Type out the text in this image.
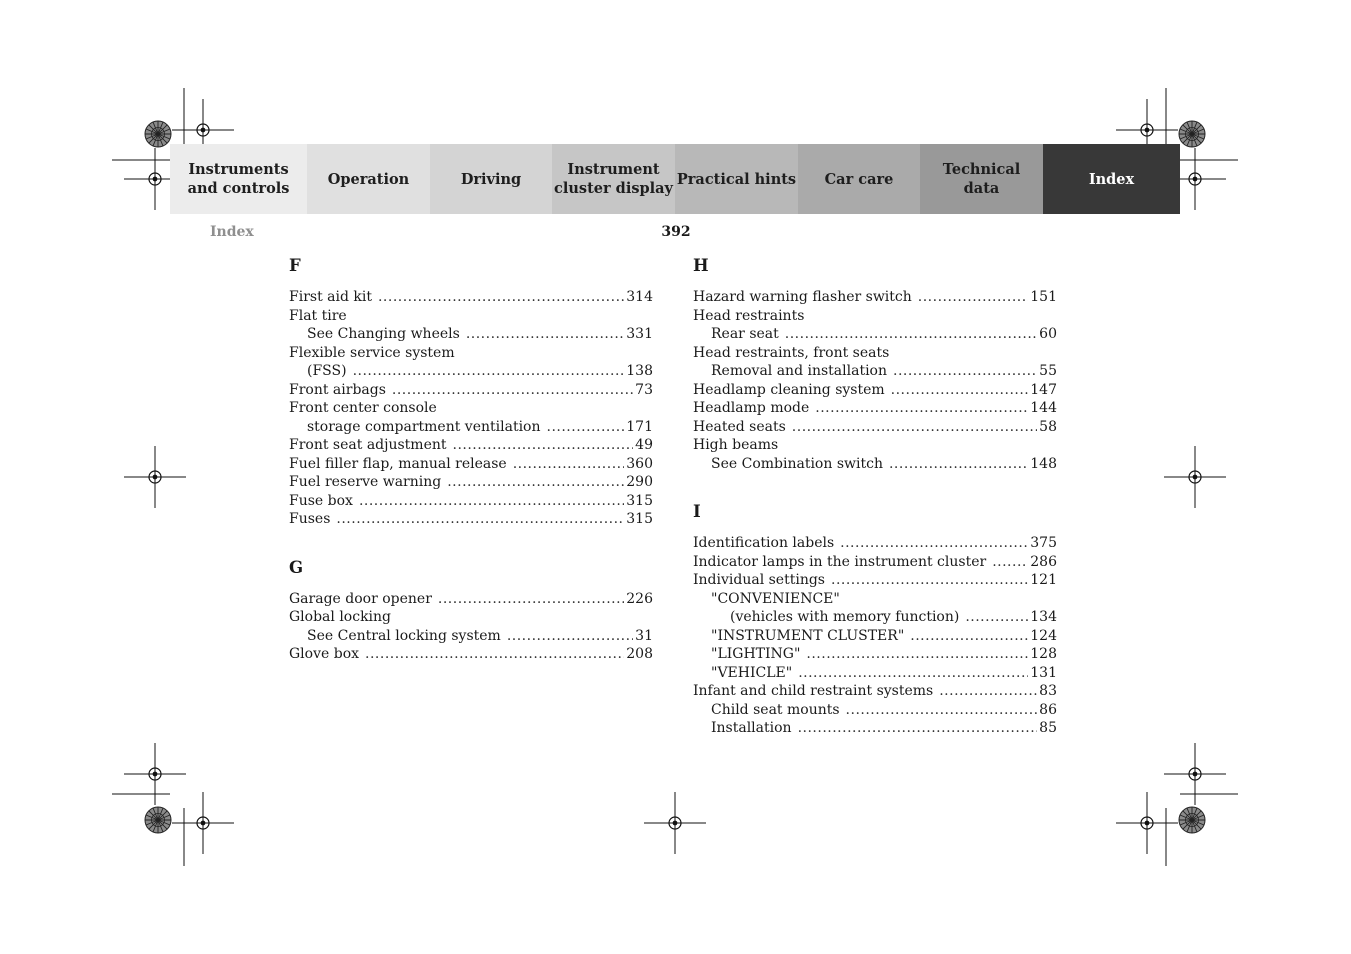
Instruments
and controls
Operation	Driving
Instrument
cluster display
Practical hints	Car care
Technical
data
Index
Index	392
F
First aid kit .....	314
Flat tire
See Changing wheels .....	331
Flexible service system
(FSS) .....	138
Front airbags .....	73
Front center console
storage compartment ventilation .....	171
Front seat adjustment .....	49
Fuel filler flap, manual release .....	360
Fuel reserve warning .....	290
Fuse box .....	315
Fuses .....	315
G
Garage door opener .....	226
Global locking
See Central locking system .....	31
Glove box .....	208
H
Hazard warning flasher switch .....	151
Head restraints
Rear seat .....	60
Head restraints, front seats
Removal and installation .....	55
Headlamp cleaning system .....	147
Headlamp mode .....	144
Heated seats .....	58
High beams
See Combination switch .....	148
I
Identification labels .....	375
Indicator lamps in the instrument cluster .....	286
Individual settings .....	121
"CONVENIENCE"
(vehicles with memory function) .....	134
"INSTRUMENT CLUSTER" .....	124
"LIGHTING" .....	128
"VEHICLE" .....	131
Infant and child restraint systems .....	83
Child seat mounts .....	86
Installation .....	85
